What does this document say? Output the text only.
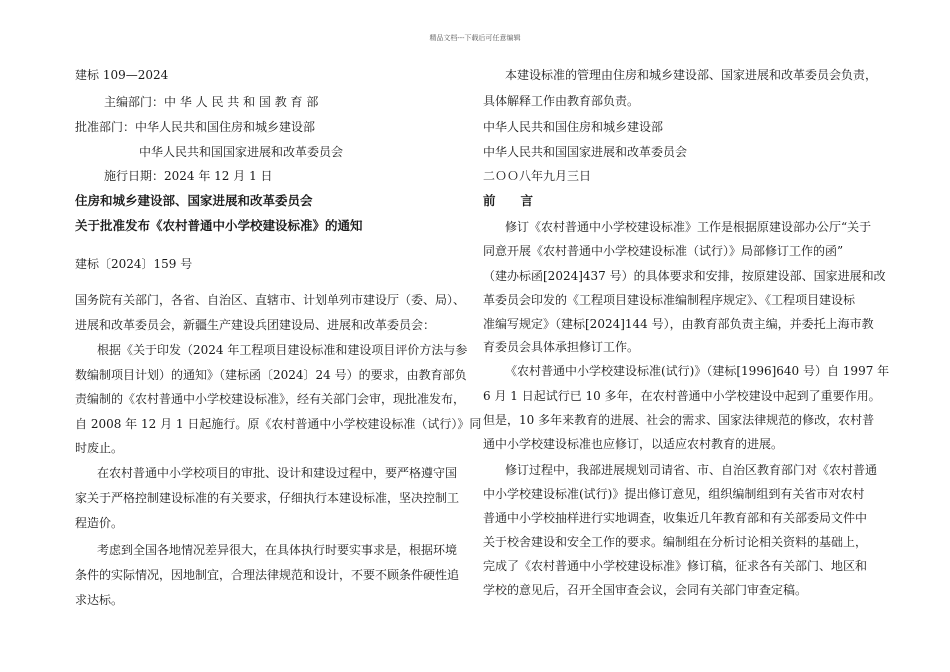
精品文档---下载后可任意编辑
建标 109—2024
主编部门：中 华 人 民 共 和 国 教 育 部
批准部门：中华人民共和国住房和城乡建设部
中华人民共和国国家进展和改革委员会
施行日期：2024 年 12 月 1 日
住房和城乡建设部、国家进展和改革委员会
关于批准发布《农村普通中小学校建设标准》的通知
建标〔2024〕159 号
国务院有关部门，各省、自治区、直辖市、计划单列市建设厅（委、局）、
进展和改革委员会，新疆生产建设兵团建设局、进展和改革委员会：
根据《关于印发（2024 年工程项目建设标准和建设项目评价方法与参
数编制项目计划）的通知》（建标函〔2024〕24 号）的要求，由教育部负
责编制的《农村普通中小学校建设标准》，经有关部门会审，现批准发布，
自 2008 年 12 月 1 日起施行。原《农村普通中小学校建设标准（试行）》同
时废止。
在农村普通中小学校项目的审批、设计和建设过程中，要严格遵守国
家关于严格控制建设标准的有关要求，仔细执行本建设标准，坚决控制工
程造价。
考虑到全国各地情况差异很大，在具体执行时要实事求是，根据环境
条件的实际情况，因地制宜，合理法律规范和设计，不要不顾条件硬性追
求达标。
本建设标准的管理由住房和城乡建设部、国家进展和改革委员会负责，
具体解释工作由教育部负责。
中华人民共和国住房和城乡建设部
中华人民共和国国家进展和改革委员会
二ＯＯ八年九月三日
前　　言
修订《农村普通中小学校建设标准》工作是根据原建设部办公厅“关于
同意开展《农村普通中小学校建设标准（试行）》局部修订工作的函”
（建办标函[2024]437 号）的具体要求和安排，按原建设部、国家进展和改
革委员会印发的《工程项目建设标准编制程序规定》、《工程项目建设标
准编写规定》（建标[2024]144 号），由教育部负责主编，并委托上海市教
育委员会具体承担修订工作。
《农村普通中小学校建设标准(试行)》（建标[1996]640 号）自 1997 年
6 月 1 日起试行已 10 多年，在农村普通中小学校建设中起到了重要作用。
但是，10 多年来教育的进展、社会的需求、国家法律规范的修改，农村普
通中小学校建设标准也应修订，以适应农村教育的进展。
修订过程中，我部进展规划司请省、市、自治区教育部门对《农村普通
中小学校建设标准(试行)》提出修订意见，组织编制组到有关省市对农村
普通中小学校抽样进行实地调查，收集近几年教育部和有关部委局文件中
关于校舍建设和安全工作的要求。编制组在分析讨论相关资料的基础上，
完成了《农村普通中小学校建设标准》修订稿，征求各有关部门、地区和
学校的意见后，召开全国审查会议，会同有关部门审查定稿。
